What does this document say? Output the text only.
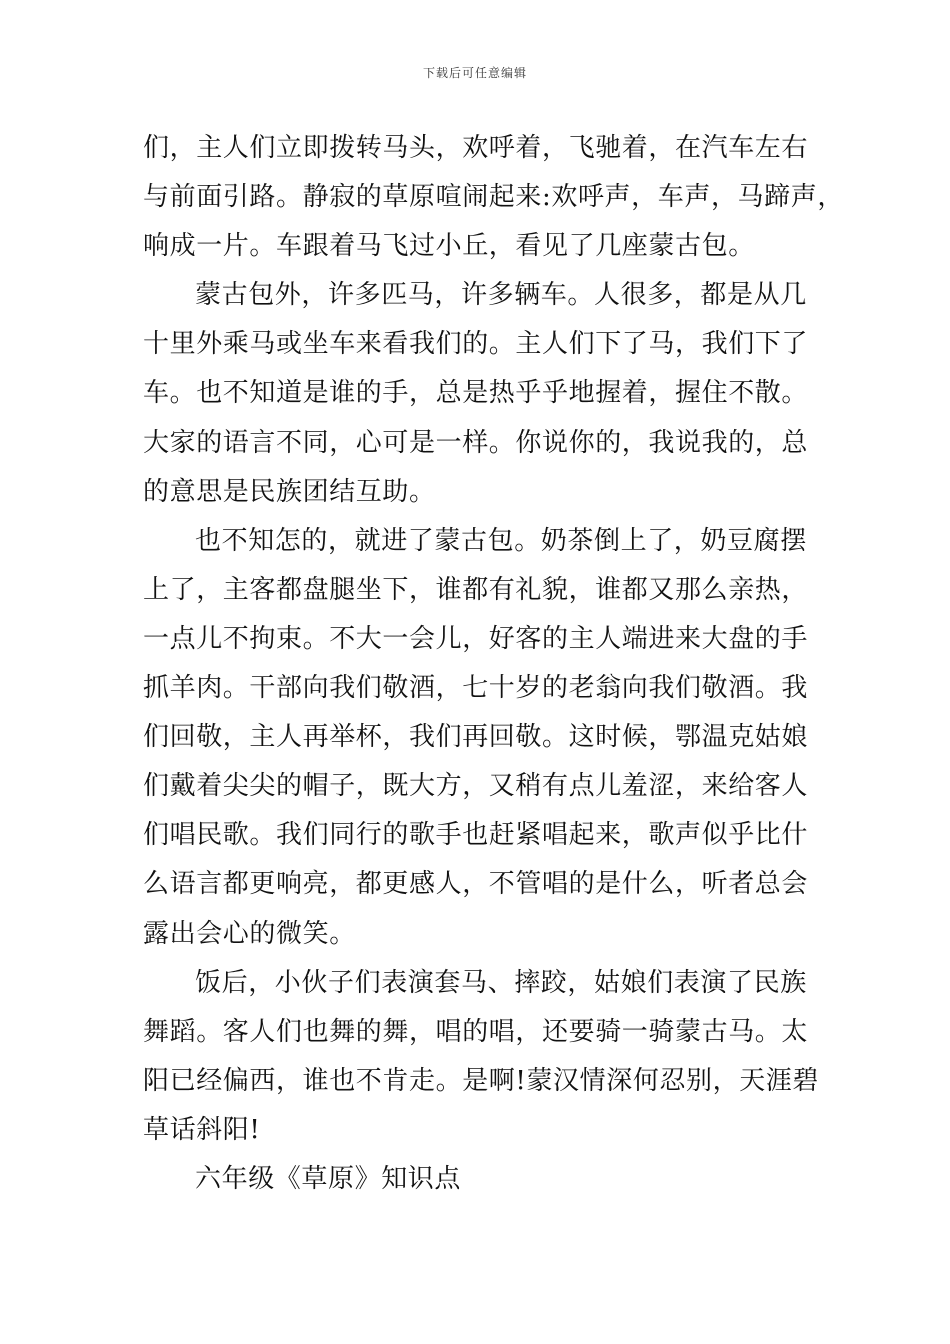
下载后可任意编辑
们，主人们立即拨转马头，欢呼着，飞驰着，在汽车左右
与前面引路。静寂的草原喧闹起来:欢呼声，车声，马蹄声，
响成一片。车跟着马飞过小丘，看见了几座蒙古包。
蒙古包外，许多匹马，许多辆车。人很多，都是从几
十里外乘马或坐车来看我们的。主人们下了马，我们下了
车。也不知道是谁的手，总是热乎乎地握着，握住不散。
大家的语言不同，心可是一样。你说你的，我说我的，总
的意思是民族团结互助。
也不知怎的，就进了蒙古包。奶茶倒上了，奶豆腐摆
上了，主客都盘腿坐下，谁都有礼貌，谁都又那么亲热，
一点儿不拘束。不大一会儿，好客的主人端进来大盘的手
抓羊肉。干部向我们敬酒，七十岁的老翁向我们敬酒。我
们回敬，主人再举杯，我们再回敬。这时候，鄂温克姑娘
们戴着尖尖的帽子，既大方，又稍有点儿羞涩，来给客人
们唱民歌。我们同行的歌手也赶紧唱起来，歌声似乎比什
么语言都更响亮，都更感人，不管唱的是什么，听者总会
露出会心的微笑。
饭后，小伙子们表演套马、摔跤，姑娘们表演了民族
舞蹈。客人们也舞的舞，唱的唱，还要骑一骑蒙古马。太
阳已经偏西，谁也不肯走。是啊!蒙汉情深何忍别，天涯碧
草话斜阳!
六年级《草原》知识点
